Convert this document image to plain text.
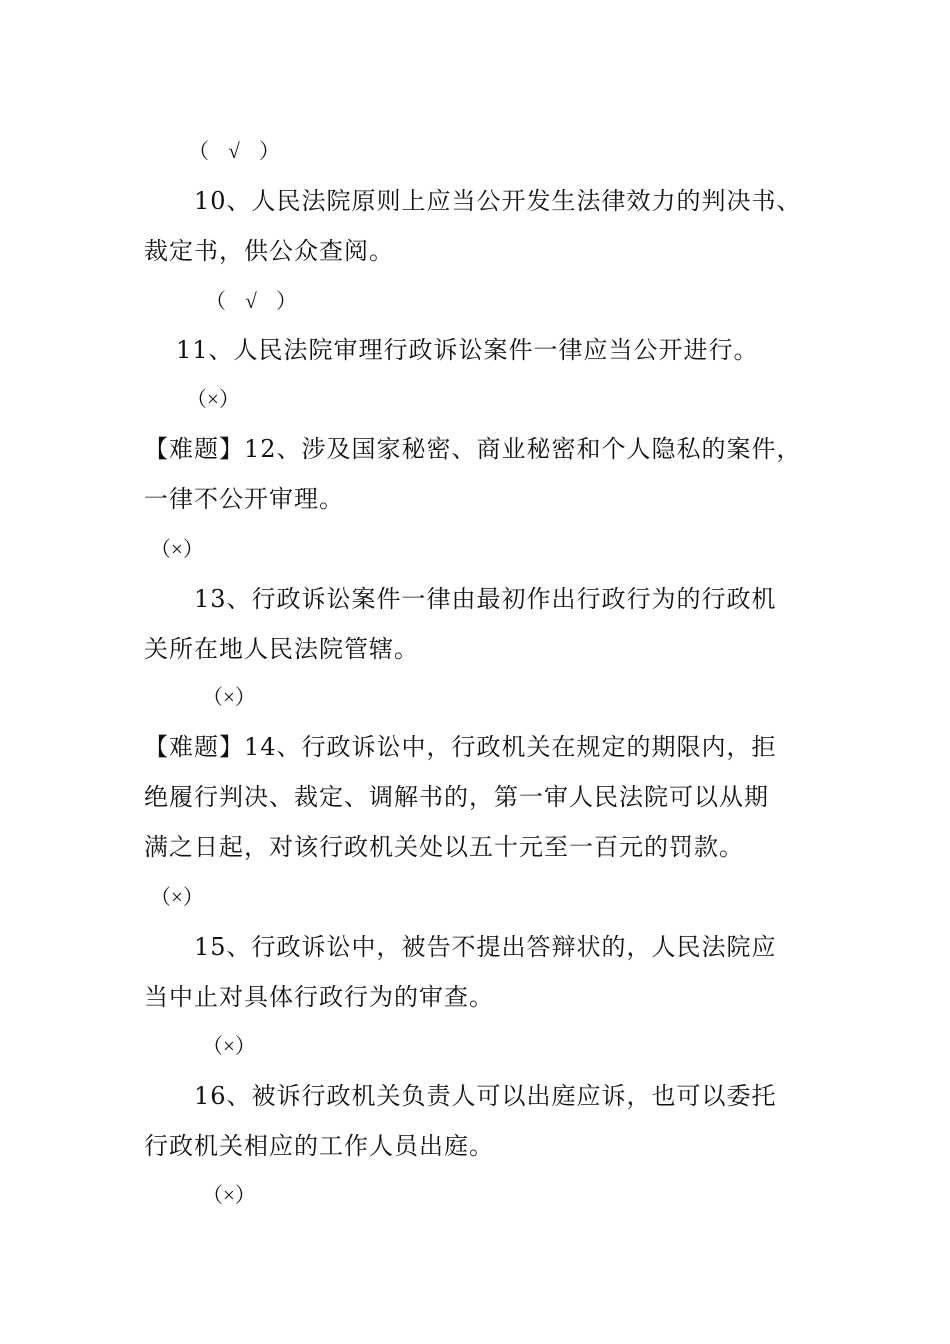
（ √ ）
10、人民法院原则上应当公开发生法律效力的判决书、
裁定书，供公众查阅。
（ √ ）
11、人民法院审理行政诉讼案件一律应当公开进行。
（×）
【难题】12、涉及国家秘密、商业秘密和个人隐私的案件，
一律不公开审理。
（×）
13、行政诉讼案件一律由最初作出行政行为的行政机
关所在地人民法院管辖。
（×）
【难题】14、行政诉讼中，行政机关在规定的期限内，拒
绝履行判决、裁定、调解书的，第一审人民法院可以从期
满之日起，对该行政机关处以五十元至一百元的罚款。
（×）
15、行政诉讼中，被告不提出答辩状的，人民法院应
当中止对具体行政行为的审查。
（×）
16、被诉行政机关负责人可以出庭应诉，也可以委托
行政机关相应的工作人员出庭。
（×）
